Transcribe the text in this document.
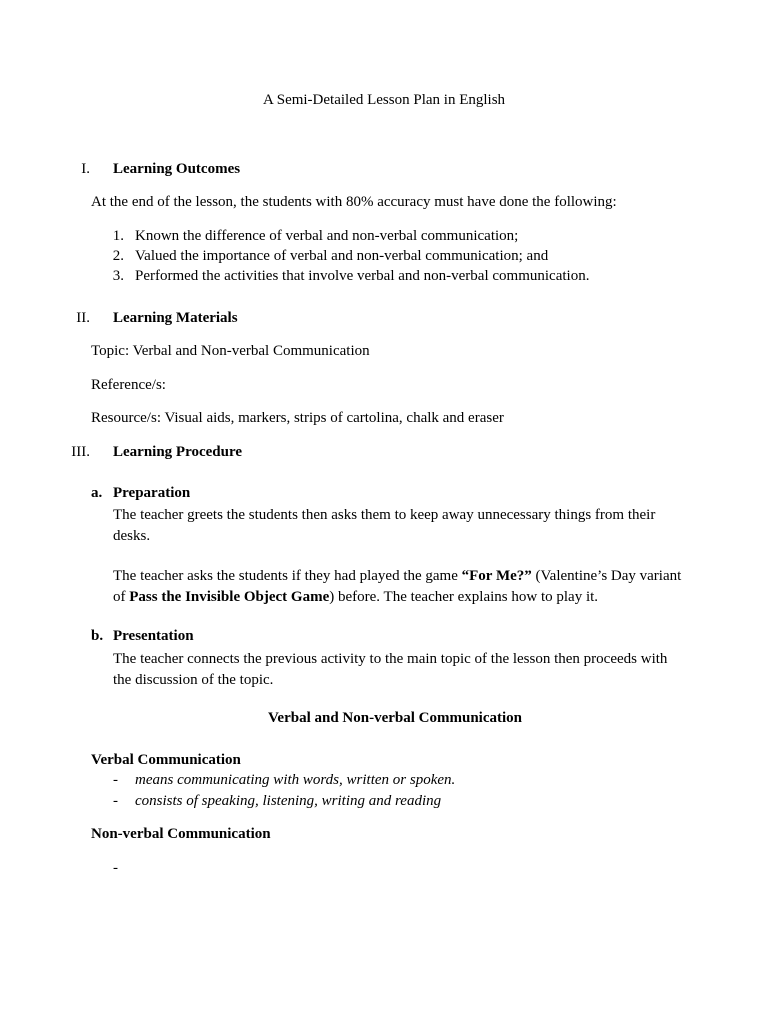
A Semi-Detailed Lesson Plan in English
I. Learning Outcomes
At the end of the lesson, the students with 80% accuracy must have done the following:
1. Known the difference of verbal and non-verbal communication;
2. Valued the importance of verbal and non-verbal communication; and
3. Performed the activities that involve verbal and non-verbal communication.
II. Learning Materials
Topic: Verbal and Non-verbal Communication
Reference/s:
Resource/s: Visual aids, markers, strips of cartolina, chalk and eraser
III. Learning Procedure
a. Preparation
The teacher greets the students then asks them to keep away unnecessary things from their desks.
The teacher asks the students if they had played the game “For Me?” (Valentine’s Day variant of Pass the Invisible Object Game) before. The teacher explains how to play it.
b. Presentation
The teacher connects the previous activity to the main topic of the lesson then proceeds with the discussion of the topic.
Verbal and Non-verbal Communication
Verbal Communication
- means communicating with words, written or spoken.
- consists of speaking, listening, writing and reading
Non-verbal Communication
-
